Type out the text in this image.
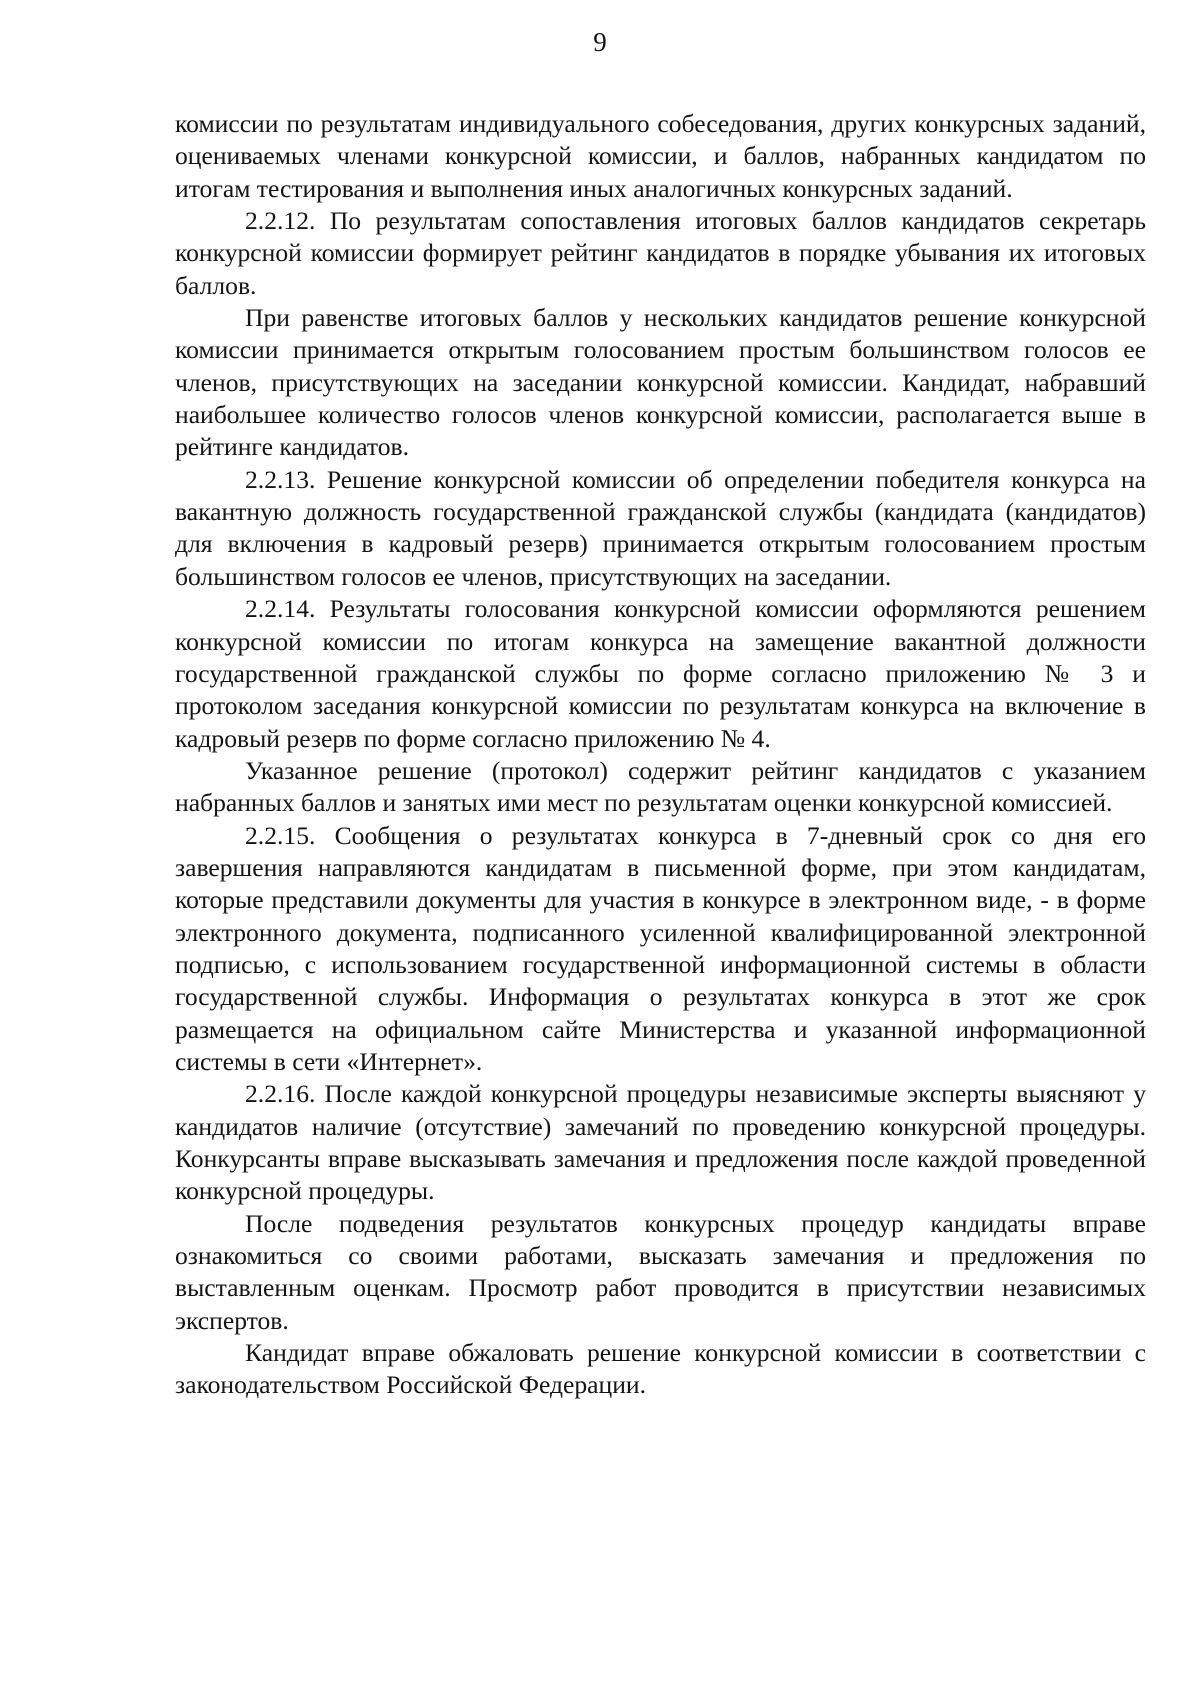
9

комиссии по результатам индивидуального собеседования, других конкурсных заданий, оцениваемых членами конкурсной комиссии, и баллов, набранных кандидатом по итогам тестирования и выполнения иных аналогичных конкурсных заданий.

2.2.12. По результатам сопоставления итоговых баллов кандидатов секретарь конкурсной комиссии формирует рейтинг кандидатов в порядке убывания их итоговых баллов.

При равенстве итоговых баллов у нескольких кандидатов решение конкурсной комиссии принимается открытым голосованием простым большинством голосов ее членов, присутствующих на заседании конкурсной комиссии. Кандидат, набравший наибольшее количество голосов членов конкурсной комиссии, располагается выше в рейтинге кандидатов.

2.2.13. Решение конкурсной комиссии об определении победителя конкурса на вакантную должность государственной гражданской службы (кандидата (кандидатов) для включения в кадровый резерв) принимается открытым голосованием простым большинством голосов ее членов, присутствующих на заседании.

2.2.14. Результаты голосования конкурсной комиссии оформляются решением конкурсной комиссии по итогам конкурса на замещение вакантной должности государственной гражданской службы по форме согласно приложению № 3 и протоколом заседания конкурсной комиссии по результатам конкурса на включение в кадровый резерв по форме согласно приложению № 4.

Указанное решение (протокол) содержит рейтинг кандидатов с указанием набранных баллов и занятых ими мест по результатам оценки конкурсной комиссией.

2.2.15. Сообщения о результатах конкурса в 7-дневный срок со дня его завершения направляются кандидатам в письменной форме, при этом кандидатам, которые представили документы для участия в конкурсе в электронном виде, - в форме электронного документа, подписанного усиленной квалифицированной электронной подписью, с использованием государственной информационной системы в области государственной службы. Информация о результатах конкурса в этот же срок размещается на официальном сайте Министерства и указанной информационной системы в сети «Интернет».

2.2.16. После каждой конкурсной процедуры независимые эксперты выясняют у кандидатов наличие (отсутствие) замечаний по проведению конкурсной процедуры. Конкурсанты вправе высказывать замечания и предложения после каждой проведенной конкурсной процедуры.

После подведения результатов конкурсных процедур кандидаты вправе ознакомиться со своими работами, высказать замечания и предложения по выставленным оценкам. Просмотр работ проводится в присутствии независимых экспертов.

Кандидат вправе обжаловать решение конкурсной комиссии в соответствии с законодательством Российской Федерации.
